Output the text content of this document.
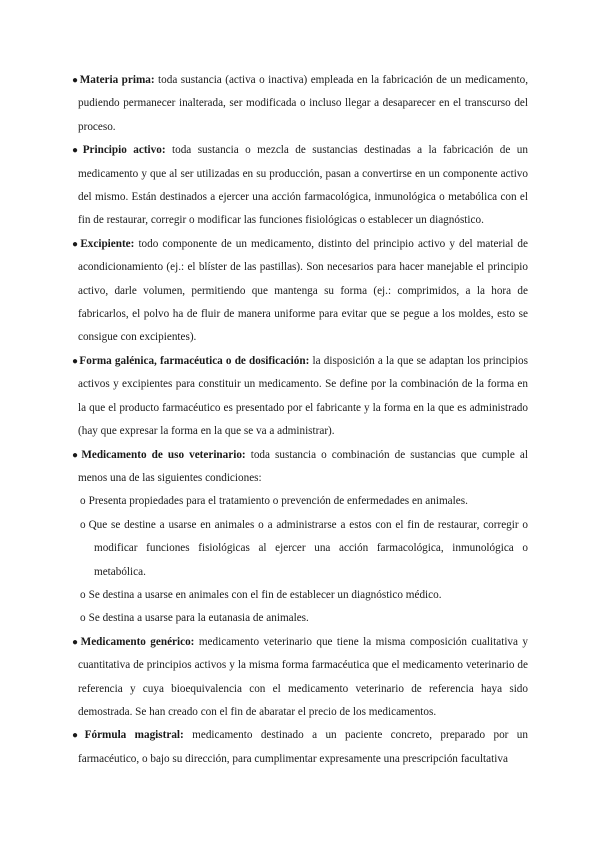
●Materia prima: toda sustancia (activa o inactiva) empleada en la fabricación de un medicamento, pudiendo permanecer inalterada, ser modificada o incluso llegar a desaparecer en el transcurso del proceso.

●Principio activo: toda sustancia o mezcla de sustancias destinadas a la fabricación de un medicamento y que al ser utilizadas en su producción, pasan a convertirse en un componente activo del mismo. Están destinados a ejercer una acción farmacológica, inmunológica o metabólica con el fin de restaurar, corregir o modificar las funciones fisiológicas o establecer un diagnóstico.

●Excipiente: todo componente de un medicamento, distinto del principio activo y del material de acondicionamiento (ej.: el blíster de las pastillas). Son necesarios para hacer manejable el principio activo, darle volumen, permitiendo que mantenga su forma (ej.: comprimidos, a la hora de fabricarlos, el polvo ha de fluir de manera uniforme para evitar que se pegue a los moldes, esto se consigue con excipientes).

●Forma galénica, farmacéutica o de dosificación: la disposición a la que se adaptan los principios activos y excipientes para constituir un medicamento. Se define por la combinación de la forma en la que el producto farmacéutico es presentado por el fabricante y la forma en la que es administrado (hay que expresar la forma en la que se va a administrar).

●Medicamento de uso veterinario: toda sustancia o combinación de sustancias que cumple al menos una de las siguientes condiciones:

o Presenta propiedades para el tratamiento o prevención de enfermedades en animales.

o Que se destine a usarse en animales o a administrarse a estos con el fin de restaurar, corregir o modificar funciones fisiológicas al ejercer una acción farmacológica, inmunológica o metabólica.

o Se destina a usarse en animales con el fin de establecer un diagnóstico médico.

o Se destina a usarse para la eutanasia de animales.

●Medicamento genérico: medicamento veterinario que tiene la misma composición cualitativa y cuantitativa de principios activos y la misma forma farmacéutica que el medicamento veterinario de referencia y cuya bioequivalencia con el medicamento veterinario de referencia haya sido demostrada. Se han creado con el fin de abaratar el precio de los medicamentos.

●Fórmula magistral: medicamento destinado a un paciente concreto, preparado por un farmacéutico, o bajo su dirección, para cumplimentar expresamente una prescripción facultativa
